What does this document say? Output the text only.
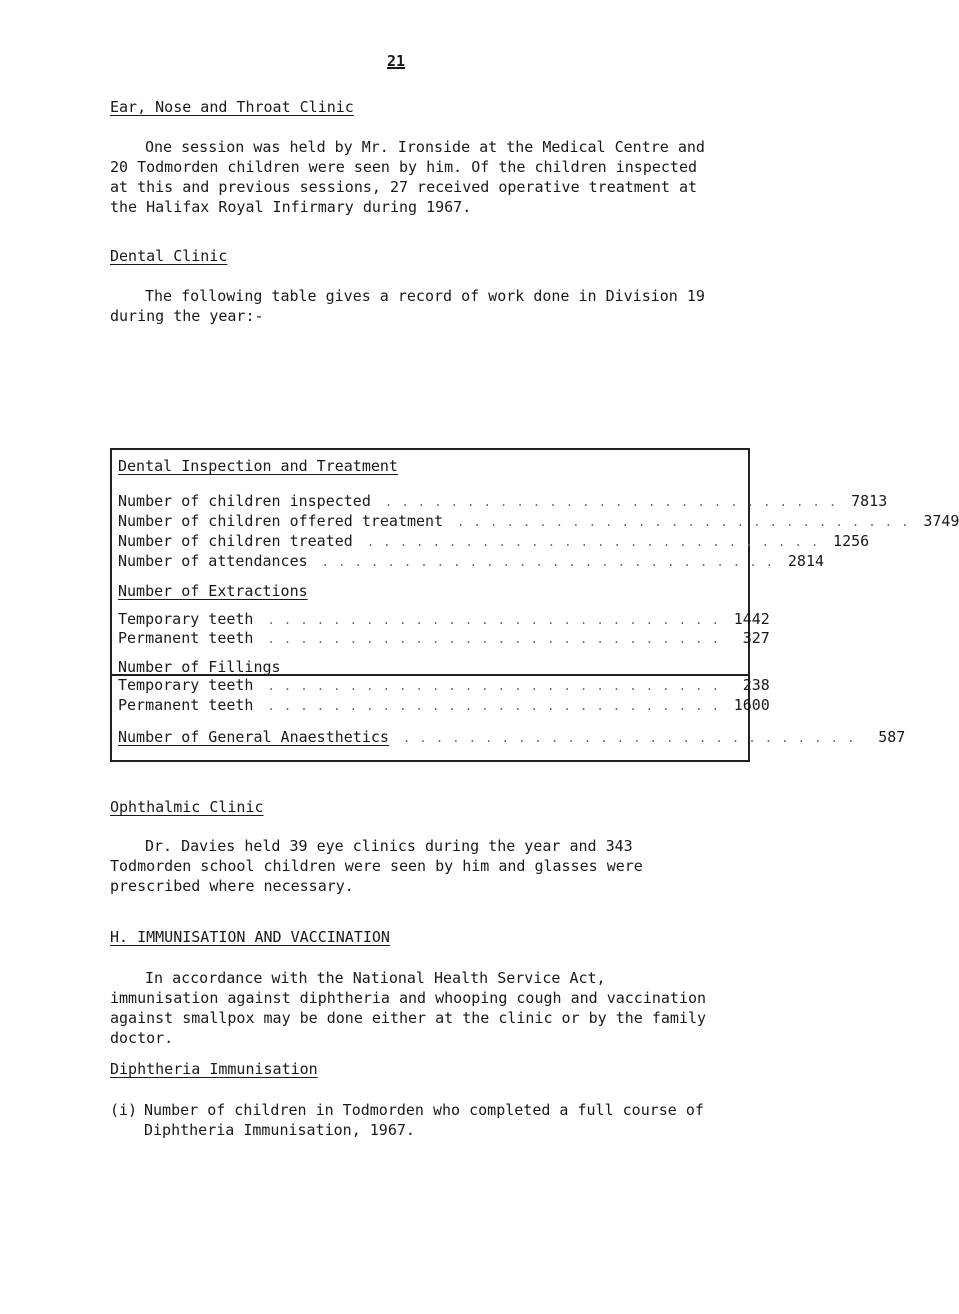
21
Ear, Nose and Throat Clinic

One session was held by Mr. Ironside at the Medical Centre and 20 Todmorden children were seen by him. Of the children inspected at this and previous sessions, 27 received operative treatment at the Halifax Royal Infirmary during 1967.

Dental Clinic

The following table gives a record of work done in Division 19 during the year:-

Dental Inspection and Treatment
Number of children inspected	. . . . . . . . . . . . . . . . . . . . . . . . . . . . 7813
Number of children offered treatment	. . . . . . . . . . . . . . . . . . . . . . . . . . . . 3749
Number of children treated	. . . . . . . . . . . . . . . . . . . . . . . . . . . . 1256
Number of attendances	. . . . . . . . . . . . . . . . . . . . . . . . . . . . 2814
Number of Extractions
Temporary teeth	. . . . . . . . . . . . . . . . . . . . . . . . . . . . 1442
Permanent teeth	. . . . . . . . . . . . . . . . . . . . . . . . . . . .	327
Number of Fillings
Temporary teeth	. . . . . . . . . . . . . . . . . . . . . . . . . . . .	238
Permanent teeth	. . . . . . . . . . . . . . . . . . . . . . . . . . . . 1600
Number of General Anaesthetics	. . . . . . . . . . . . . . . . . . . . . . . . . . . .	587
Ophthalmic Clinic

Dr. Davies held 39 eye clinics during the year and 343 Todmorden school children were seen by him and glasses were prescribed where necessary.

H. IMMUNISATION AND VACCINATION

In accordance with the National Health Service Act, immunisation against diphtheria and whooping cough and vaccination against smallpox may be done either at the clinic or by the family doctor.

Diphtheria Immunisation
(i) Number of children in Todmorden who completed a full course of
Diphtheria Immunisation, 1967.
